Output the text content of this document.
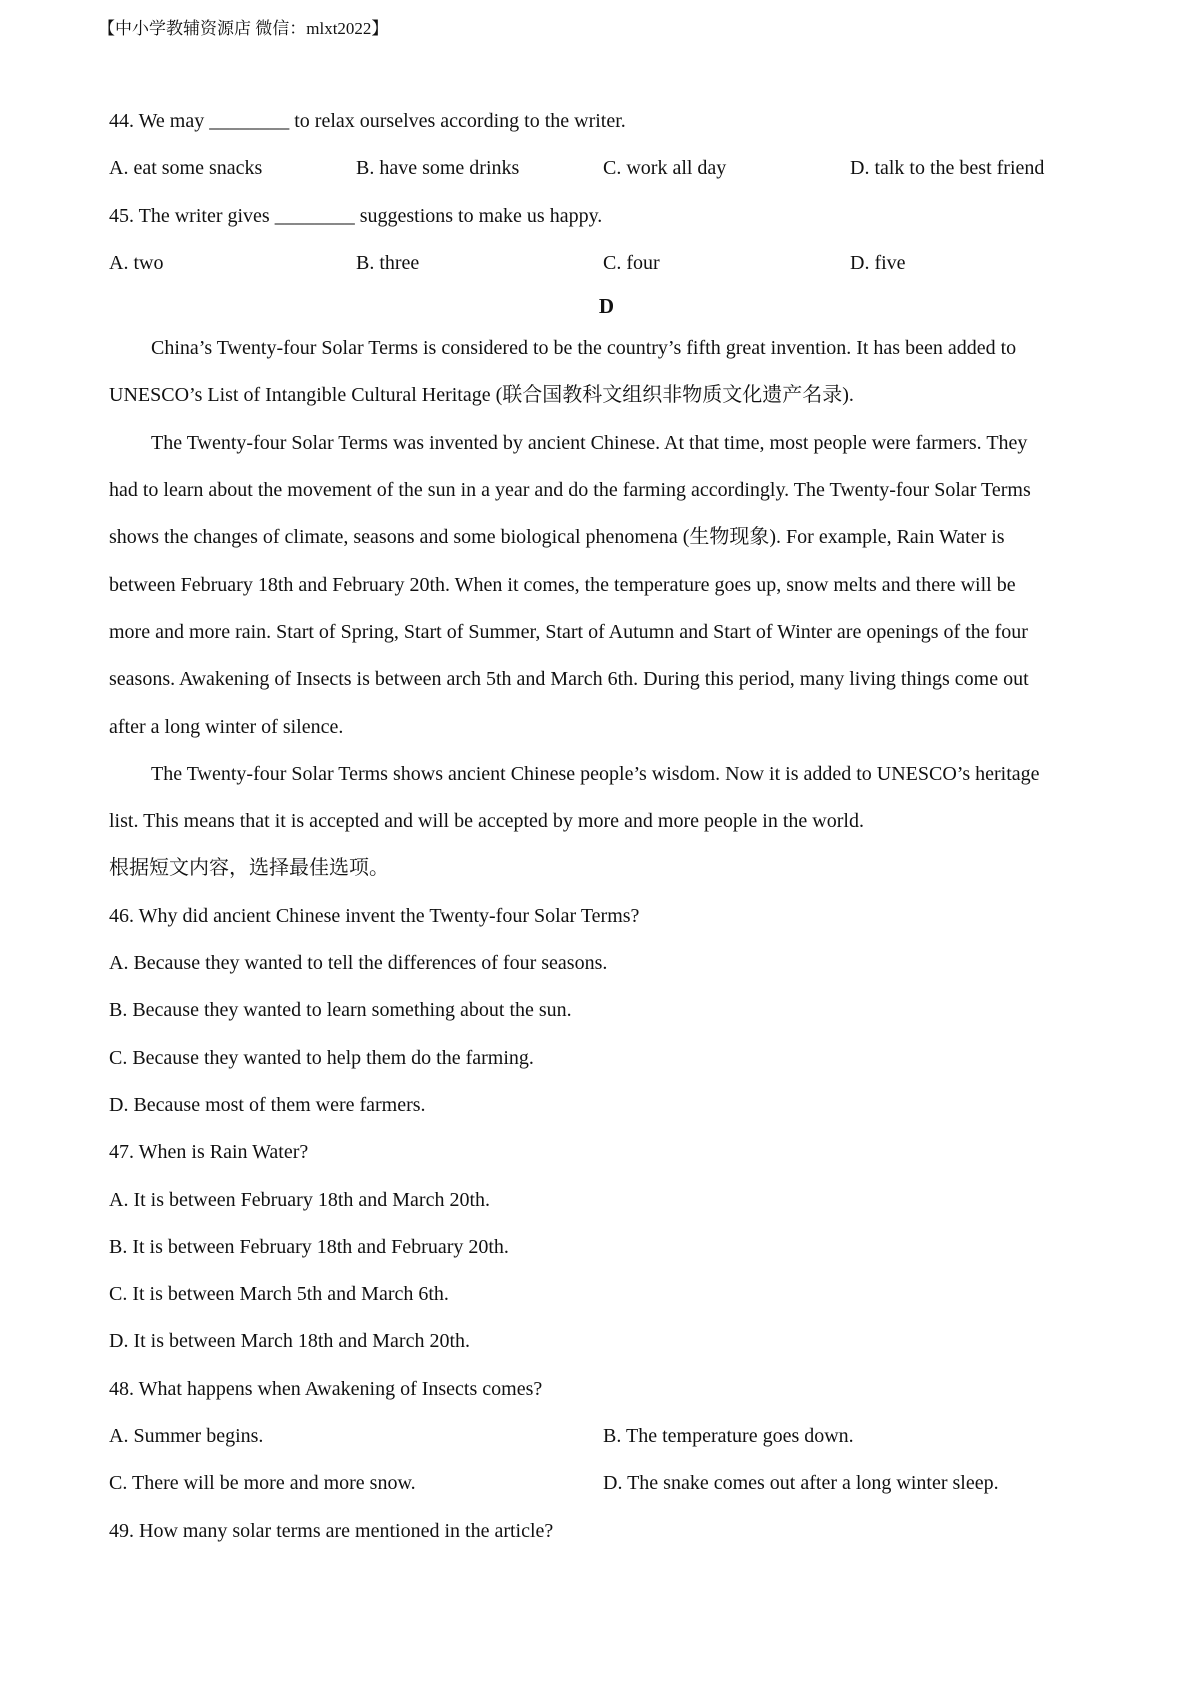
【中小学教辅资源店 微信：mlxt2022】
44. We may ________ to relax ourselves according to the writer.
A. eat some snacks	B. have some drinks	C. work all day	D. talk to the best friend
45. The writer gives ________ suggestions to make us happy.
A. two	B. three	C. four	D. five
D
China’s Twenty-four Solar Terms is considered to be the country’s fifth great invention. It has been added to
UNESCO’s List of Intangible Cultural Heritage (联合国教科文组织非物质文化遗产名录).
The Twenty-four Solar Terms was invented by ancient Chinese. At that time, most people were farmers. They
had to learn about the movement of the sun in a year and do the farming accordingly. The Twenty-four Solar Terms
shows the changes of climate, seasons and some biological phenomena (生物现象). For example, Rain Water is
between February 18th and February 20th. When it comes, the temperature goes up, snow melts and there will be
more and more rain. Start of Spring, Start of Summer, Start of Autumn and Start of Winter are openings of the four
seasons. Awakening of Insects is between arch 5th and March 6th. During this period, many living things come out
after a long winter of silence.
The Twenty-four Solar Terms shows ancient Chinese people’s wisdom. Now it is added to UNESCO’s heritage
list. This means that it is accepted and will be accepted by more and more people in the world.
根据短文内容，选择最佳选项。
46. Why did ancient Chinese invent the Twenty-four Solar Terms?
A. Because they wanted to tell the differences of four seasons.
B. Because they wanted to learn something about the sun.
C. Because they wanted to help them do the farming.
D. Because most of them were farmers.
47. When is Rain Water?
A. It is between February 18th and March 20th.
B. It is between February 18th and February 20th.
C. It is between March 5th and March 6th.
D. It is between March 18th and March 20th.
48. What happens when Awakening of Insects comes?
A. Summer begins.	B. The temperature goes down.
C. There will be more and more snow.	D. The snake comes out after a long winter sleep.
49. How many solar terms are mentioned in the article?
